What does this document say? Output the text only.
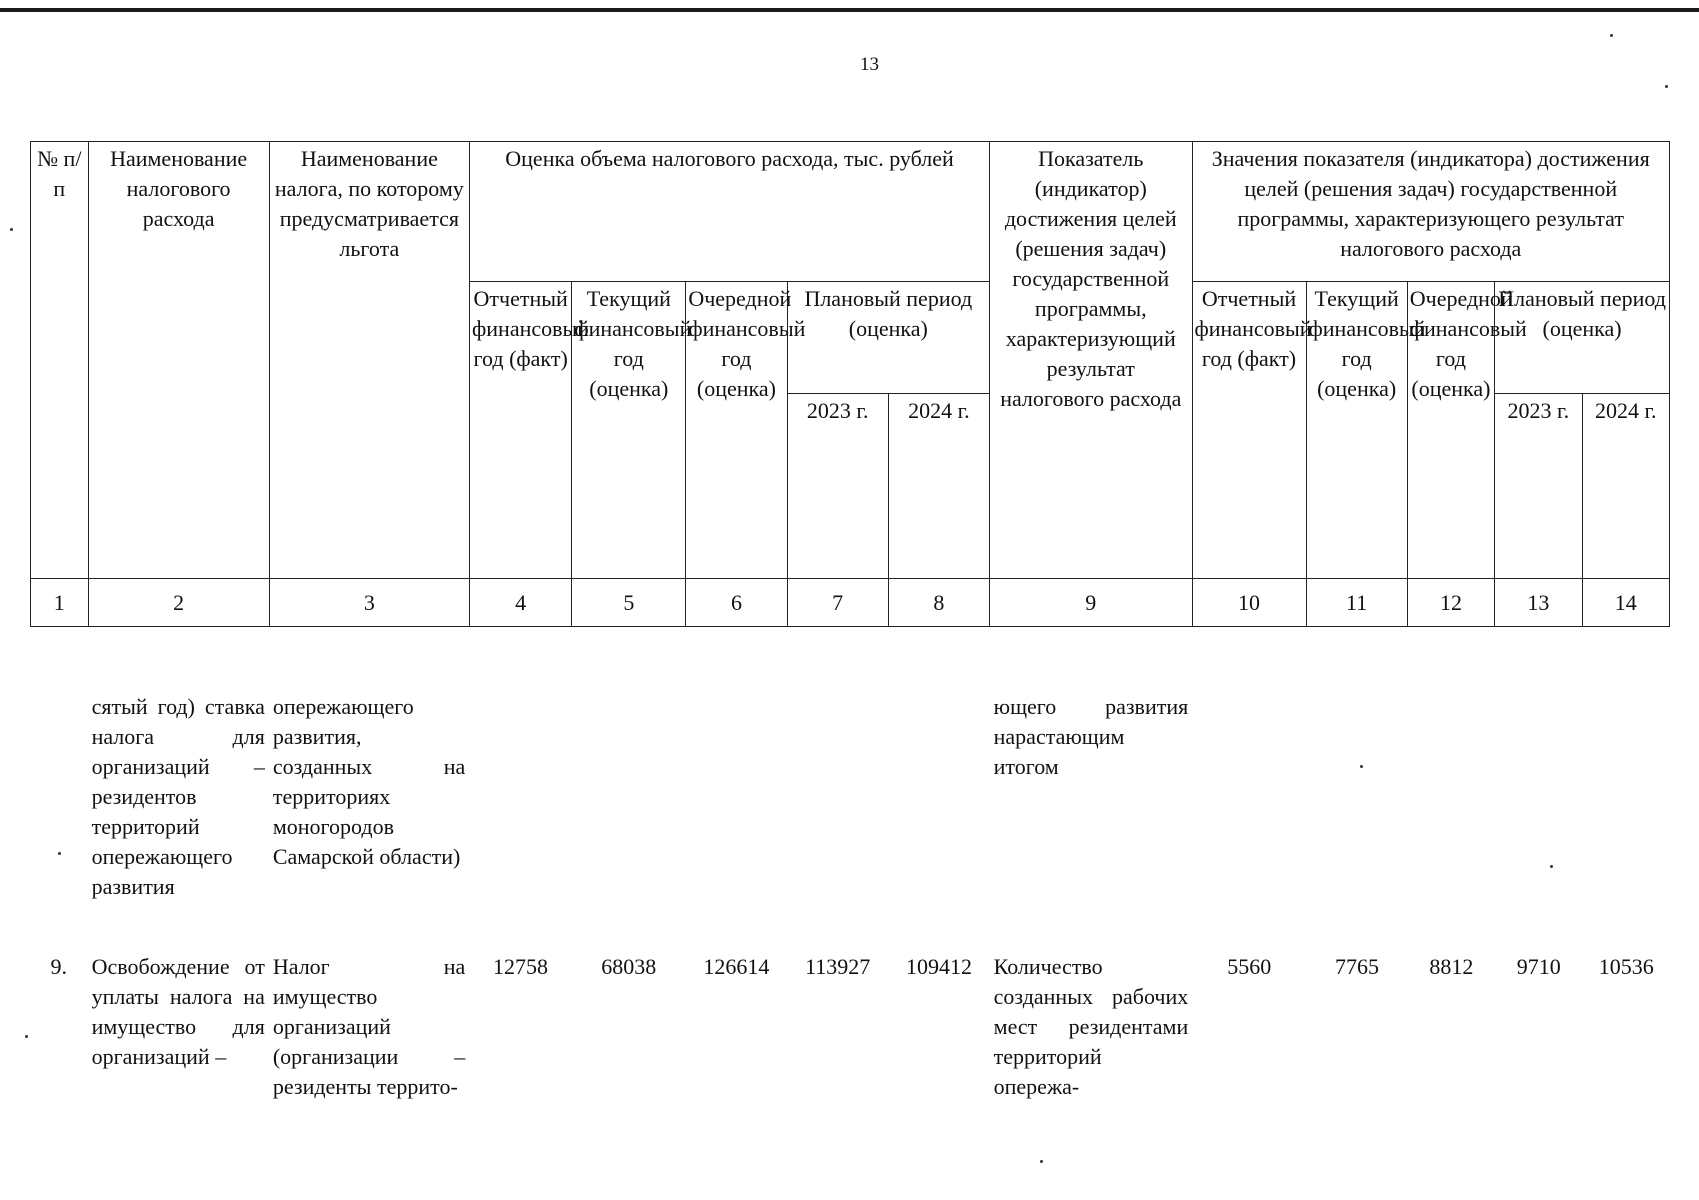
13
№ п/п	Наименование налогового расхода	Наименование налога, по которому предусматривается льгота	Оценка объема налогового расхода, тыс. рублей					Показатель (индикатор) достижения целей (решения задач) государственной программы, характеризующий результат налогового расхода	Значения показателя (индикатора) достижения целей (решения задач) государственной программы, характеризующего результат налогового расхода				
			Отчетный финансовый год (факт)	Текущий финансовый год (оценка)	Очередной финансовый год (оценка)	Плановый период (оценка)			Отчетный финансовый год (факт)	Текущий финансовый год (оценка)	Очередной финансовый год (оценка)	Плановый период (оценка)	
						2023 г.	2024 г.					2023 г.	2024 г.
1	2	3	4	5	6	7	8	9	10	11	12	13	14
	сятый год) ставка налога для организаций – резидентов территорий опережающего развития	опережающего развития, созданных на территориях моногородов Самарской области)						ющего развития нарастающим итогом					
9.	Освобождение от уплаты налога на имущество для организаций –	Налог на имущество организаций (организации – резиденты террито-	12758	68038	126614	113927	109412	Количество созданных рабочих мест резидентами территорий опережа-	5560	7765	8812	9710	10536
